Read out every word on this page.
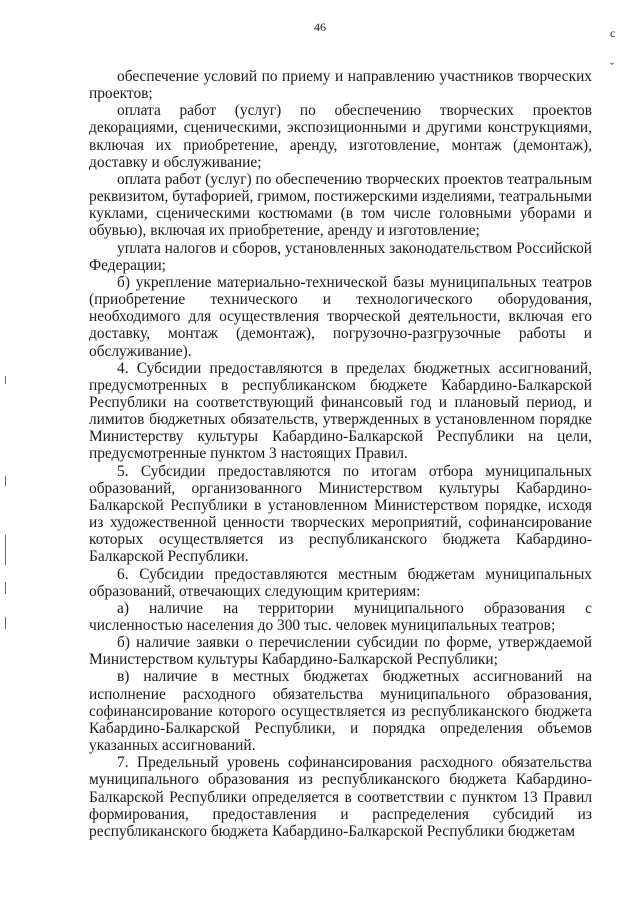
46	с
ˇ

обеспечение условий по приему и направлению участников творческих проектов;

оплата работ (услуг) по обеспечению творческих проектов декорациями, сценическими, экспозиционными и другими конструкциями, включая их приобретение, аренду, изготовление, монтаж (демонтаж), доставку и обслуживание;

оплата работ (услуг) по обеспечению творческих проектов театральным реквизитом, бутафорией, гримом, постижерскими изделиями, театральными куклами, сценическими костюмами (в том числе головными уборами и обувью), включая их приобретение, аренду и изготовление;

уплата налогов и сборов, установленных законодательством Российской Федерации;

б) укрепление материально-технической базы муниципальных театров (приобретение технического и технологического оборудования, необходимого для осуществления творческой деятельности, включая его доставку, монтаж (демонтаж), погрузочно-разгрузочные работы и обслуживание).

4. Субсидии предоставляются в пределах бюджетных ассигнований, предусмотренных в республиканском бюджете Кабардино-Балкарской Республики на соответствующий финансовый год и плановый период, и лимитов бюджетных обязательств, утвержденных в установленном порядке Министерству культуры Кабардино-Балкарской Республики на цели, предусмотренные пунктом 3 настоящих Правил.

5. Субсидии предоставляются по итогам отбора муниципальных образований, организованного Министерством культуры Кабардино-Балкарской Республики в установленном Министерством порядке, исходя из художественной ценности творческих мероприятий, софинансирование которых осуществляется из республиканского бюджета Кабардино-Балкарской Республики.

6. Субсидии предоставляются местным бюджетам муниципальных образований, отвечающих следующим критериям:

а) наличие на территории муниципального образования с численностью населения до 300 тыс. человек муниципальных театров;

б) наличие заявки о перечислении субсидии по форме, утверждаемой Министерством культуры Кабардино-Балкарской Республики;

в) наличие в местных бюджетах бюджетных ассигнований на исполнение расходного обязательства муниципального образования, софинансирование которого осуществляется из республиканского бюджета Кабардино-Балкарской Республики, и порядка определения объемов указанных ассигнований.

7. Предельный уровень софинансирования расходного обязательства муниципального образования из республиканского бюджета Кабардино-Балкарской Республики определяется в соответствии с пунктом 13 Правил формирования, предоставления и распределения субсидий из республиканского бюджета Кабардино-Балкарской Республики бюджетам
